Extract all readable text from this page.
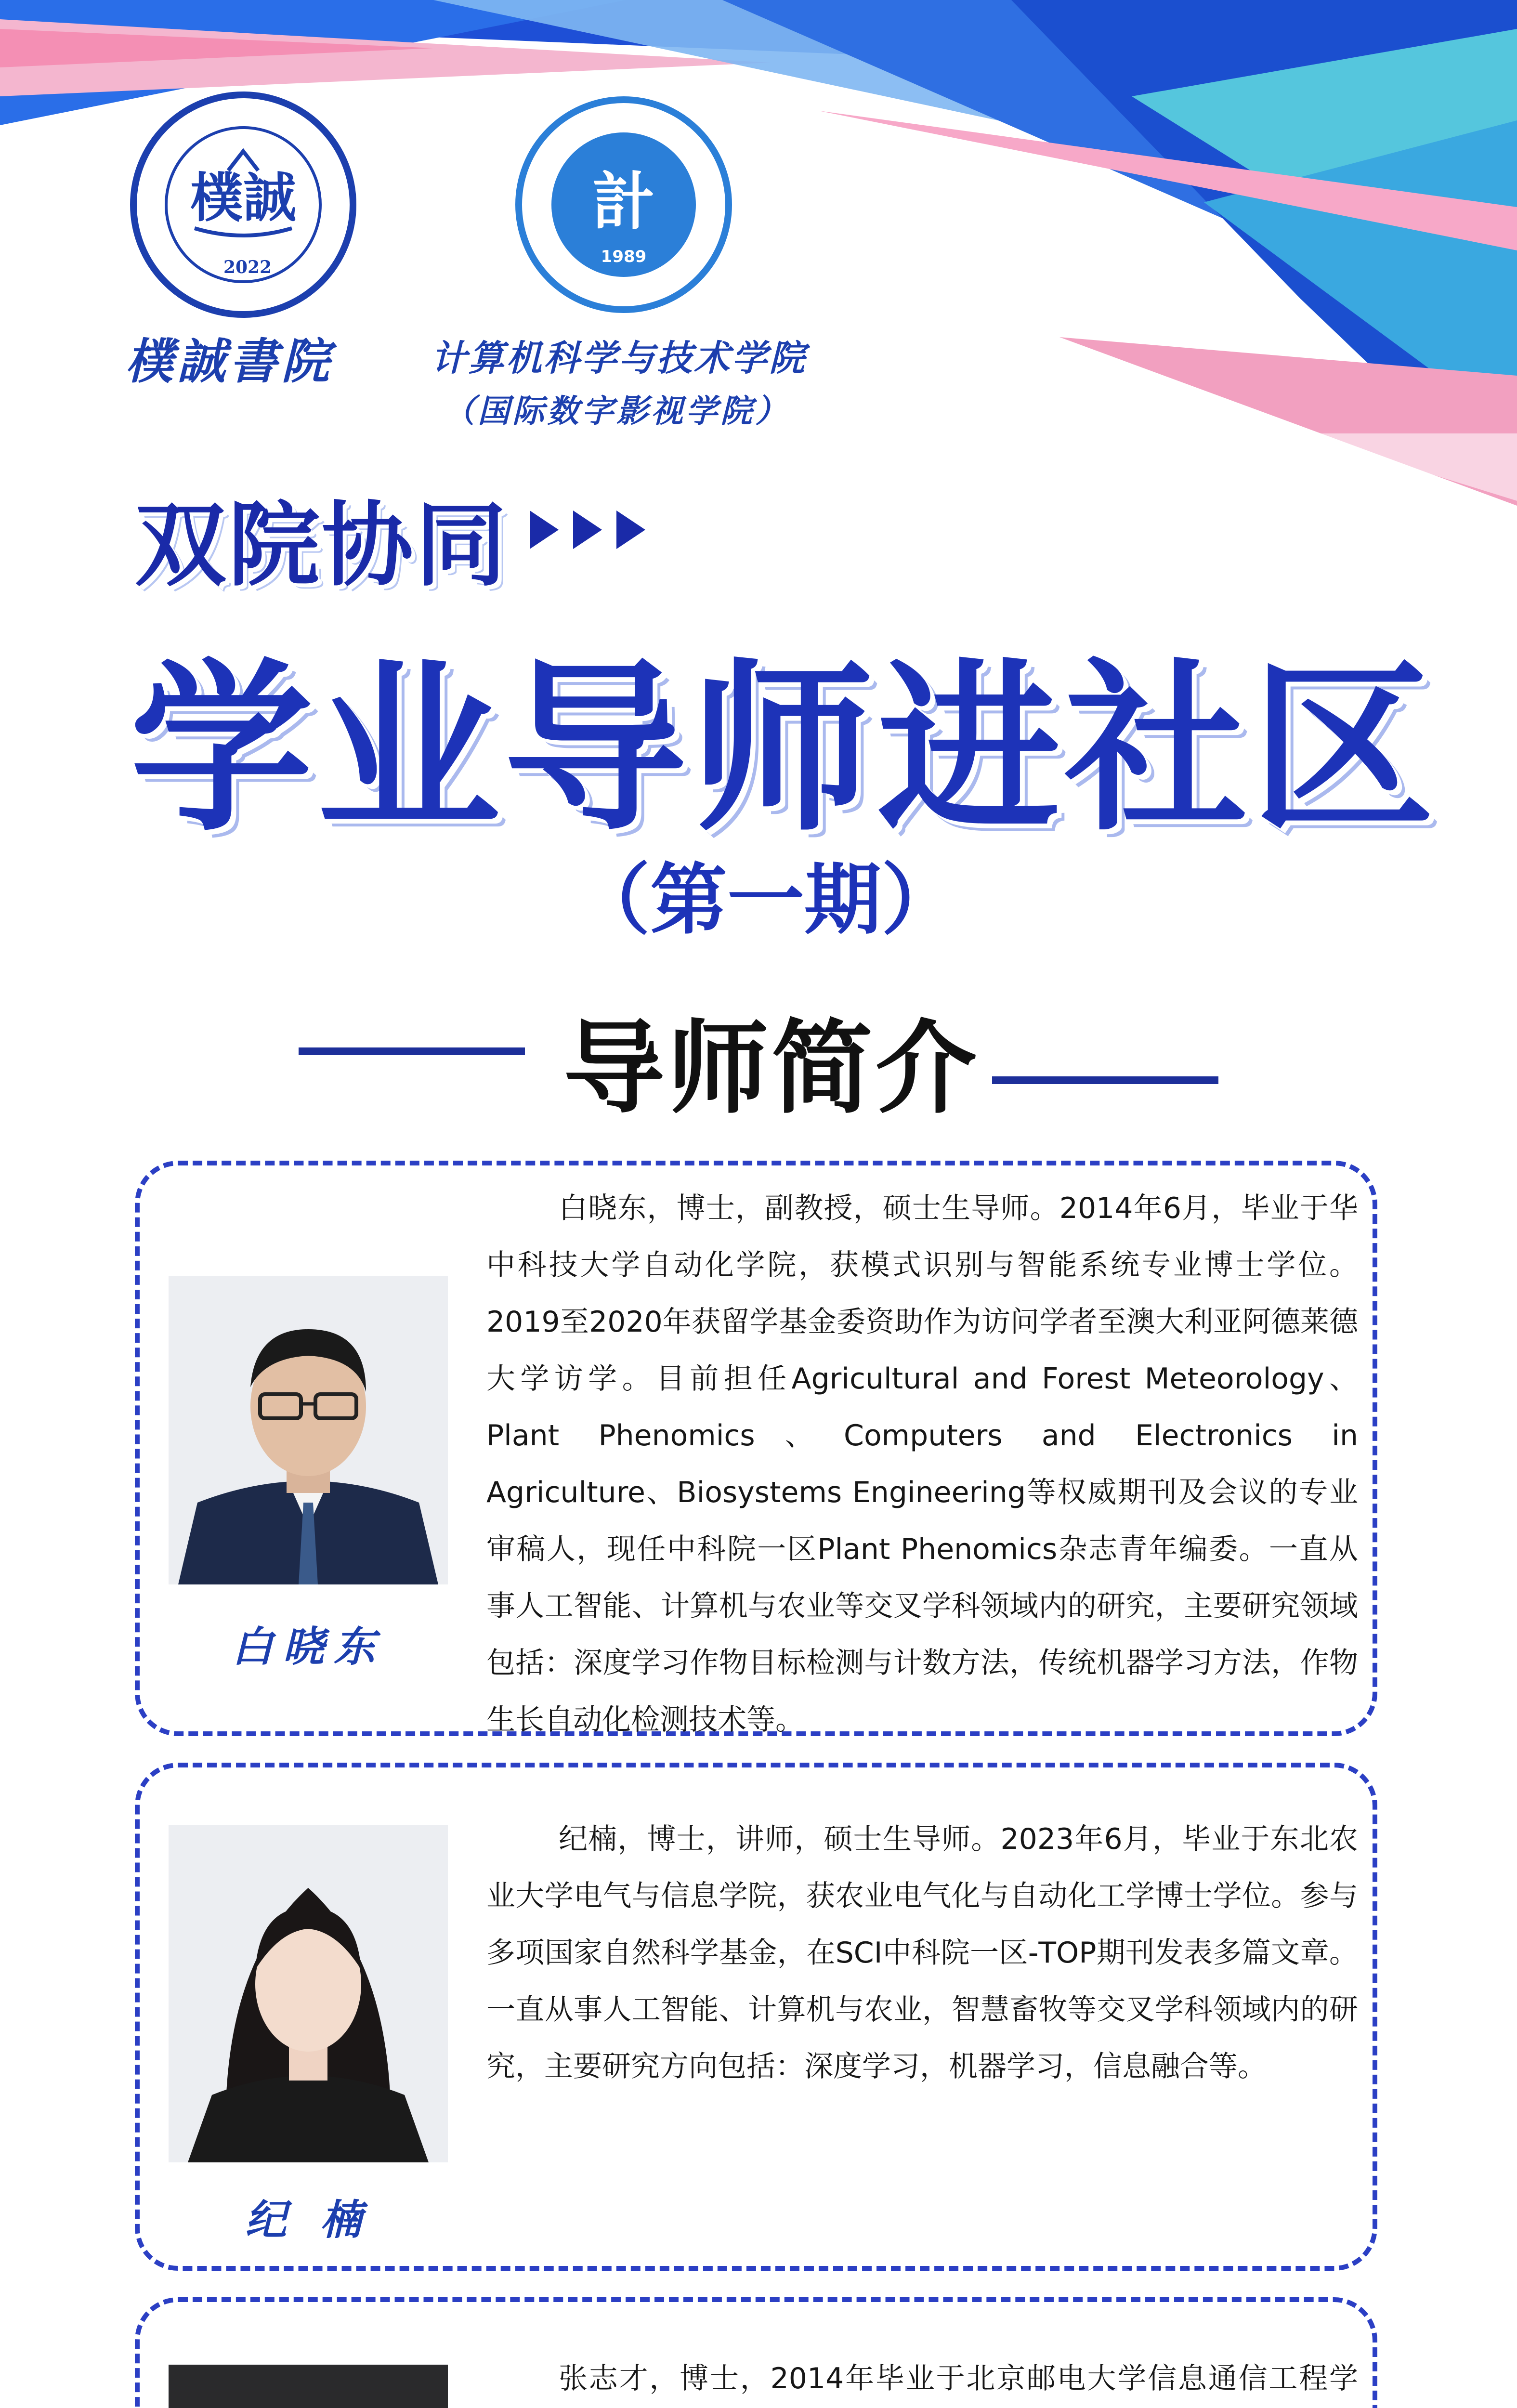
樸誠
2022
樸誠書院
計
1989
计算机科学与技术学院
（国际数字影视学院）
双院协同
学业导师进社区
（第一期）
导师简介
白晓东

白晓东，博士，副教授，硕士生导师。2014年6月，毕业于华中科技大学自动化学院，获模式识别与智能系统专业博士学位。2019至2020年获留学基金委资助作为访问学者至澳大利亚阿德莱德大学访学。目前担任Agricultural and Forest Meteorology、Plant Phenomics、Computers and Electronics in Agriculture、Biosystems Engineering等权威期刊及会议的专业审稿人，现任中科院一区Plant Phenomics杂志青年编委。一直从事人工智能、计算机与农业等交叉学科领域内的研究，主要研究领域包括：深度学习作物目标检测与计数方法，传统机器学习方法，作物生长自动化检测技术等。

纪 楠

纪楠，博士，讲师，硕士生导师。2023年6月，毕业于东北农业大学电气与信息学院，获农业电气化与自动化工学博士学位。参与多项国家自然科学基金，在SCI中科院一区-TOP期刊发表多篇文章。一直从事人工智能、计算机与农业，智慧畜牧等交叉学科领域内的研究，主要研究方向包括：深度学习，机器学习，信息融合等。

张志才，博士，2014年毕业于北京邮电大学信息通信工程学
